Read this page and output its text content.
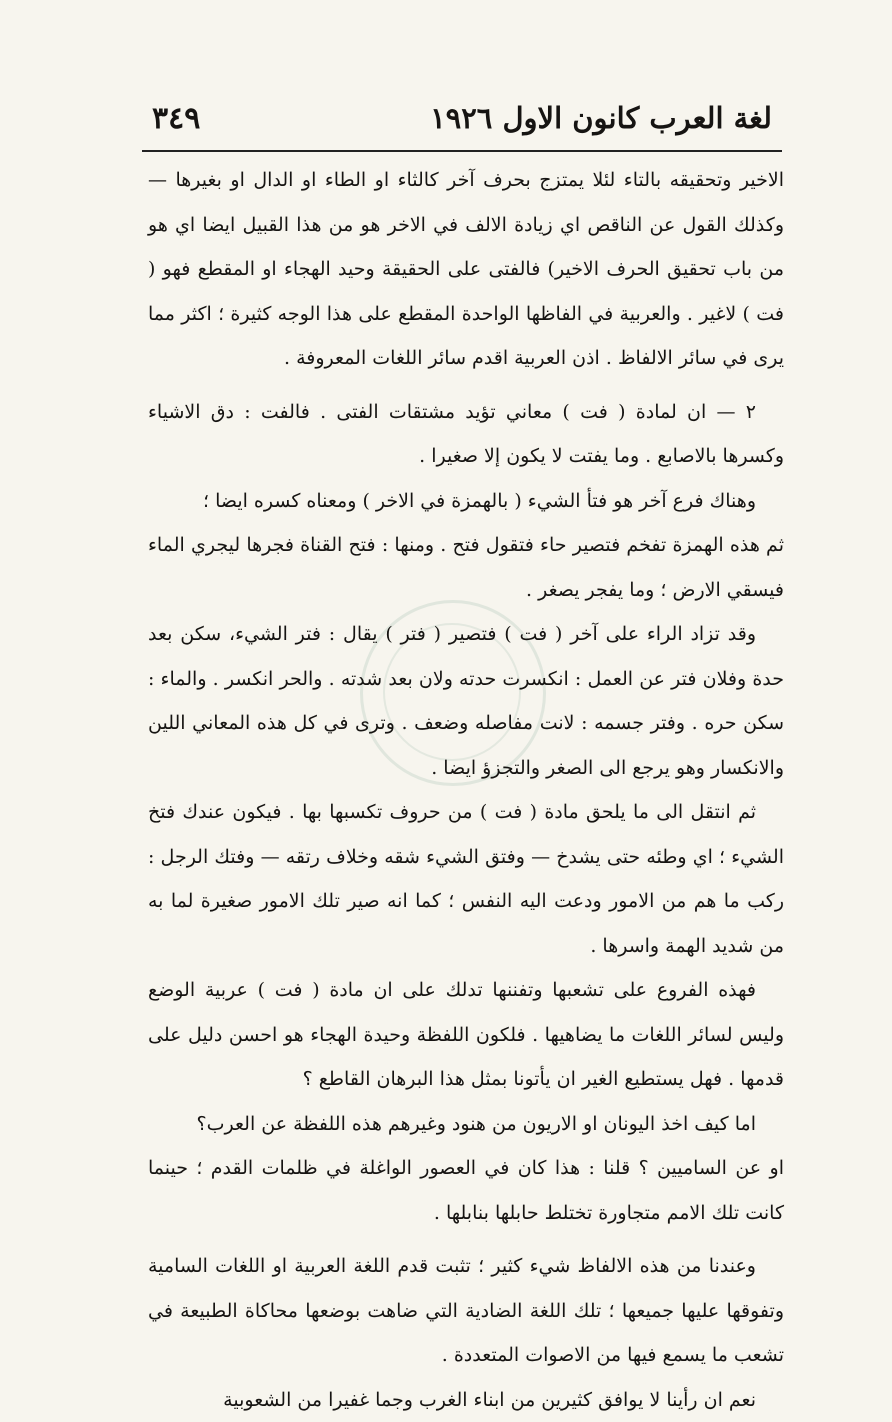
لغة العرب كانون الاول ١٩٢٦
٣٤٩

الاخير وتحقيقه بالتاء لئلا يمتزج بحرف آخر كالثاء او الطاء او الدال او بغيرها — وكذلك القول عن الناقص اي زيادة الالف في الاخر هو من هذا القبيل ايضا اي هو من باب تحقيق الحرف الاخير) فالفتى على الحقيقة وحيد الهجاء او المقطع فهو ( فت ) لاغير . والعربية في الفاظها الواحدة المقطع على هذا الوجه كثيرة ؛ اكثر مما يرى في سائر الالفاظ . اذن العربية اقدم سائر اللغات المعروفة .

٢ — ان لمادة ( فت ) معاني تؤيد مشتقات الفتى . فالفت : دق الاشياء وكسرها بالاصابع . وما يفتت لا يكون إلا صغيرا .

وهناك فرع آخر هو فتأ الشيء ( بالهمزة في الاخر ) ومعناه كسره ايضا ؛

ثم هذه الهمزة تفخم فتصير حاء فتقول فتح . ومنها : فتح القناة فجرها ليجري الماء فيسقي الارض ؛ وما يفجر يصغر .

وقد تزاد الراء على آخر ( فت ) فتصير ( فتر ) يقال : فتر الشيء، سكن بعد حدة وفلان فتر عن العمل : انكسرت حدته ولان بعد شدته . والحر انكسر . والماء : سكن حره . وفتر جسمه : لانت مفاصله وضعف . وترى في كل هذه المعاني اللين والانكسار وهو يرجع الى الصغر والتجزؤ ايضا .

ثم انتقل الى ما يلحق مادة ( فت ) من حروف تكسبها بها . فيكون عندك فتخ الشيء ؛ اي وطئه حتى يشدخ — وفتق الشيء شقه وخلاف رتقه — وفتك الرجل : ركب ما هم من الامور ودعت اليه النفس ؛ كما انه صير تلك الامور صغيرة لما به من شديد الهمة واسرها .

فهذه الفروع على تشعبها وتفننها تدلك على ان مادة ( فت ) عربية الوضع وليس لسائر اللغات ما يضاهيها . فلكون اللفظة وحيدة الهجاء هو احسن دليل على قدمها . فهل يستطيع الغير ان يأتونا بمثل هذا البرهان القاطع ؟

اما كيف اخذ اليونان او الاريون من هنود وغيرهم هذه اللفظة عن العرب؟

او عن الساميين ؟ قلنا : هذا كان في العصور الواغلة في ظلمات القدم ؛ حينما كانت تلك الامم متجاورة تختلط حابلها بنابلها .

وعندنا من هذه الالفاظ شيء كثير ؛ تثبت قدم اللغة العربية او اللغات السامية وتفوقها عليها جميعها ؛ تلك اللغة الضادية التي ضاهت بوضعها محاكاة الطبيعة في تشعب ما يسمع فيها من الاصوات المتعددة .

نعم ان رأينا لا يوافق كثيرين من ابناء الغرب وجما غفيرا من الشعوبية
